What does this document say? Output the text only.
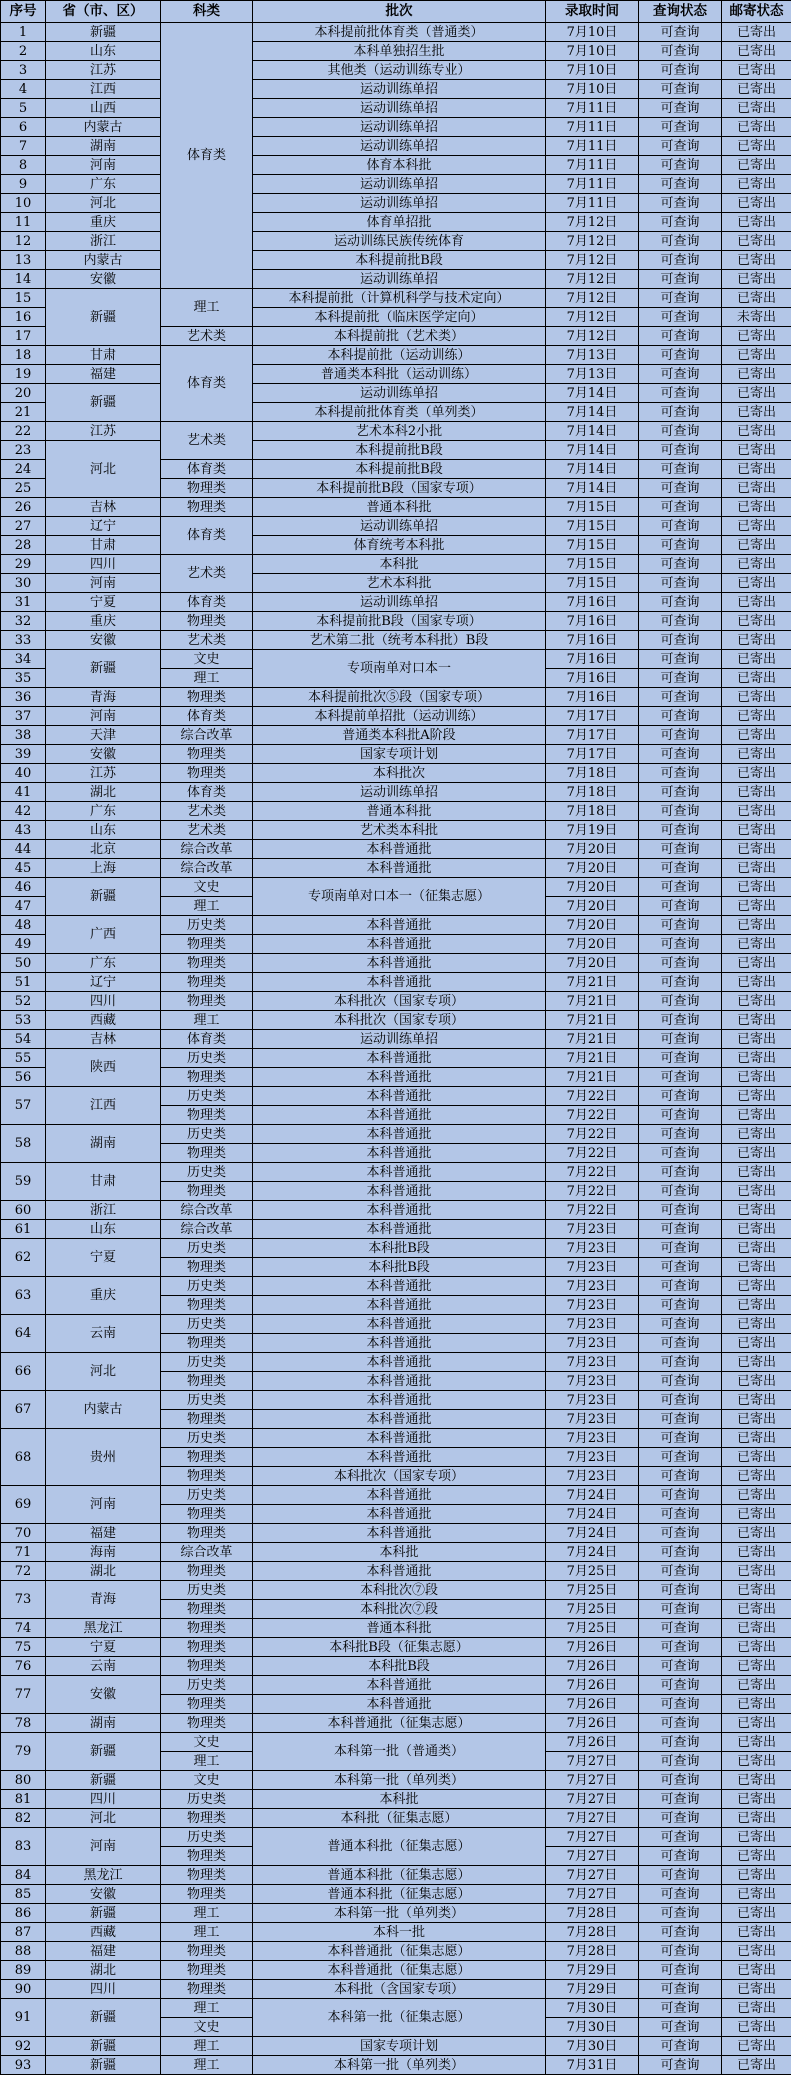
序号	省（市、区）	科类	批次	录取时间	查询状态	邮寄状态
1	新疆	体育类	本科提前批体育类（普通类）	7月10日	可查询	已寄出
2	山东		本科单独招生批	7月10日	可查询	已寄出
3	江苏		其他类（运动训练专业）	7月10日	可查询	已寄出
4	江西		运动训练单招	7月10日	可查询	已寄出
5	山西		运动训练单招	7月11日	可查询	已寄出
6	内蒙古		运动训练单招	7月11日	可查询	已寄出
7	湖南		运动训练单招	7月11日	可查询	已寄出
8	河南		体育本科批	7月11日	可查询	已寄出
9	广东		运动训练单招	7月11日	可查询	已寄出
10	河北		运动训练单招	7月11日	可查询	已寄出
11	重庆		体育单招批	7月12日	可查询	已寄出
12	浙江		运动训练民族传统体育	7月12日	可查询	已寄出
13	内蒙古		本科提前批B段	7月12日	可查询	已寄出
14	安徽		运动训练单招	7月12日	可查询	已寄出
15	新疆	理工	本科提前批（计算机科学与技术定向）	7月12日	可查询	已寄出
16			本科提前批（临床医学定向）	7月12日	可查询	未寄出
17		艺术类	本科提前批（艺术类）	7月12日	可查询	已寄出
18	甘肃	体育类	本科提前批（运动训练）	7月13日	可查询	已寄出
19	福建		普通类本科批（运动训练）	7月13日	可查询	已寄出
20	新疆		运动训练单招	7月14日	可查询	已寄出
21			本科提前批体育类（单列类）	7月14日	可查询	已寄出
22	江苏	艺术类	艺术本科2小批	7月14日	可查询	已寄出
23	河北		本科提前批B段	7月14日	可查询	已寄出
24		体育类	本科提前批B段	7月14日	可查询	已寄出
25		物理类	本科提前批B段（国家专项）	7月14日	可查询	已寄出
26	吉林	物理类	普通本科批	7月15日	可查询	已寄出
27	辽宁	体育类	运动训练单招	7月15日	可查询	已寄出
28	甘肃		体育统考本科批	7月15日	可查询	已寄出
29	四川	艺术类	本科批	7月15日	可查询	已寄出
30	河南		艺术本科批	7月15日	可查询	已寄出
31	宁夏	体育类	运动训练单招	7月16日	可查询	已寄出
32	重庆	物理类	本科提前批B段（国家专项）	7月16日	可查询	已寄出
33	安徽	艺术类	艺术第二批（统考本科批）B段	7月16日	可查询	已寄出
34	新疆	文史	专项南单对口本一	7月16日	可查询	已寄出
35		理工		7月16日	可查询	已寄出
36	青海	物理类	本科提前批次⑤段（国家专项）	7月16日	可查询	已寄出
37	河南	体育类	本科提前单招批（运动训练）	7月17日	可查询	已寄出
38	天津	综合改革	普通类本科批A阶段	7月17日	可查询	已寄出
39	安徽	物理类	国家专项计划	7月17日	可查询	已寄出
40	江苏	物理类	本科批次	7月18日	可查询	已寄出
41	湖北	体育类	运动训练单招	7月18日	可查询	已寄出
42	广东	艺术类	普通本科批	7月18日	可查询	已寄出
43	山东	艺术类	艺术类本科批	7月19日	可查询	已寄出
44	北京	综合改革	本科普通批	7月20日	可查询	已寄出
45	上海	综合改革	本科普通批	7月20日	可查询	已寄出
46	新疆	文史	专项南单对口本一（征集志愿）	7月20日	可查询	已寄出
47		理工		7月20日	可查询	已寄出
48	广西	历史类	本科普通批	7月20日	可查询	已寄出
49		物理类	本科普通批	7月20日	可查询	已寄出
50	广东	物理类	本科普通批	7月20日	可查询	已寄出
51	辽宁	物理类	本科普通批	7月21日	可查询	已寄出
52	四川	物理类	本科批次（国家专项）	7月21日	可查询	已寄出
53	西藏	理工	本科批次（国家专项）	7月21日	可查询	已寄出
54	吉林	体育类	运动训练单招	7月21日	可查询	已寄出
55	陕西	历史类	本科普通批	7月21日	可查询	已寄出
56		物理类	本科普通批	7月21日	可查询	已寄出
57	江西	历史类	本科普通批	7月22日	可查询	已寄出
		物理类	本科普通批	7月22日	可查询	已寄出
58	湖南	历史类	本科普通批	7月22日	可查询	已寄出
		物理类	本科普通批	7月22日	可查询	已寄出
59	甘肃	历史类	本科普通批	7月22日	可查询	已寄出
		物理类	本科普通批	7月22日	可查询	已寄出
60	浙江	综合改革	本科普通批	7月22日	可查询	已寄出
61	山东	综合改革	本科普通批	7月23日	可查询	已寄出
62	宁夏	历史类	本科批B段	7月23日	可查询	已寄出
		物理类	本科批B段	7月23日	可查询	已寄出
63	重庆	历史类	本科普通批	7月23日	可查询	已寄出
		物理类	本科普通批	7月23日	可查询	已寄出
64	云南	历史类	本科普通批	7月23日	可查询	已寄出
		物理类	本科普通批	7月23日	可查询	已寄出
66	河北	历史类	本科普通批	7月23日	可查询	已寄出
		物理类	本科普通批	7月23日	可查询	已寄出
67	内蒙古	历史类	本科普通批	7月23日	可查询	已寄出
		物理类	本科普通批	7月23日	可查询	已寄出
68	贵州	历史类	本科普通批	7月23日	可查询	已寄出
		物理类	本科普通批	7月23日	可查询	已寄出
		物理类	本科批次（国家专项）	7月23日	可查询	已寄出
69	河南	历史类	本科普通批	7月24日	可查询	已寄出
		物理类	本科普通批	7月24日	可查询	已寄出
70	福建	物理类	本科普通批	7月24日	可查询	已寄出
71	海南	综合改革	本科批	7月24日	可查询	已寄出
72	湖北	物理类	本科普通批	7月25日	可查询	已寄出
73	青海	历史类	本科批次⑦段	7月25日	可查询	已寄出
		物理类	本科批次⑦段	7月25日	可查询	已寄出
74	黑龙江	物理类	普通本科批	7月25日	可查询	已寄出
75	宁夏	物理类	本科批B段（征集志愿）	7月26日	可查询	已寄出
76	云南	物理类	本科批B段	7月26日	可查询	已寄出
77	安徽	历史类	本科普通批	7月26日	可查询	已寄出
		物理类	本科普通批	7月26日	可查询	已寄出
78	湖南	物理类	本科普通批（征集志愿）	7月26日	可查询	已寄出
79	新疆	文史	本科第一批（普通类）	7月26日	可查询	已寄出
		理工		7月27日	可查询	已寄出
80	新疆	文史	本科第一批（单列类）	7月27日	可查询	已寄出
81	四川	历史类	本科批	7月27日	可查询	已寄出
82	河北	物理类	本科批（征集志愿）	7月27日	可查询	已寄出
83	河南	历史类	普通本科批（征集志愿）	7月27日	可查询	已寄出
		物理类		7月27日	可查询	已寄出
84	黑龙江	物理类	普通本科批（征集志愿）	7月27日	可查询	已寄出
85	安徽	物理类	普通本科批（征集志愿）	7月27日	可查询	已寄出
86	新疆	理工	本科第一批（单列类）	7月28日	可查询	已寄出
87	西藏	理工	本科一批	7月28日	可查询	已寄出
88	福建	物理类	本科普通批（征集志愿）	7月28日	可查询	已寄出
89	湖北	物理类	本科普通批（征集志愿）	7月29日	可查询	已寄出
90	四川	物理类	本科批（含国家专项）	7月29日	可查询	已寄出
91	新疆	理工	本科第一批（征集志愿）	7月30日	可查询	已寄出
		文史		7月30日	可查询	已寄出
92	新疆	理工	国家专项计划	7月30日	可查询	已寄出
93	新疆	理工	本科第一批（单列类）	7月31日	可查询	已寄出
